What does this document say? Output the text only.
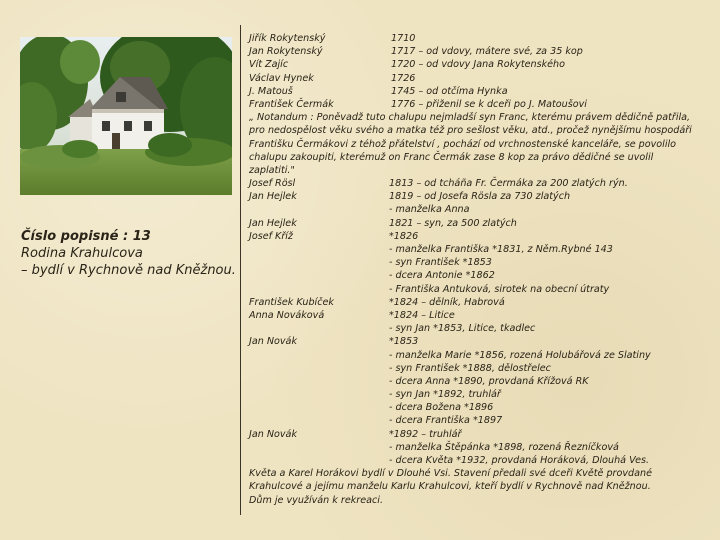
Číslo popisné : 13
Rodina Krahulcova
– bydlí v Rychnově nad Kněžnou.
Jiřík Rokytenský	1710
Jan Rokytenský	1717 – od vdovy, mátere své, za 35 kop
Vít Zajíc	1720 – od vdovy Jana Rokytenského
Václav Hynek	1726
J. Matouš	1745 – od otčíma Hynka
František Čermák	1776 – přiženil se k dceři po J. Matoušovi
„ Notandum : Poněvadž tuto chalupu nejmladší syn Franc, kterému právem dědičně patřila,
pro nedospělost věku svého a matka též pro sešlost věku, atd., pročež nynějšímu hospodáři
Františku Čermákovi z téhož přátelství , pochází od vrchnostenské kanceláře, se povolilo
chalupu zakoupiti, kterémuž on Franc Čermák zase 8 kop za právo dědičné se uvolil
zaplatiti."
Josef Rösl	1813 – od tcháña Fr. Čermáka za 200 zlatých rýn.
Jan Hejlek	1819 – od Josefa Rösla za 730 zlatých
- manželka Anna
Jan Hejlek	1821 – syn, za 500 zlatých
Josef Kříž	*1826
- manželka Františka *1831, z Něm.Rybné 143
- syn František *1853
- dcera Antonie *1862
- Františka Antuková, sirotek na obecní útraty
František Kubíček	*1824 – dělník, Habrová
Anna Nováková	*1824 – Litice
- syn Jan *1853, Litice, tkadlec
Jan Novák	*1853
- manželka Marie *1856, rozená Holubářová ze Slatiny
- syn František *1888, dělostřelec
- dcera Anna *1890, provdaná Křížová RK
- syn Jan *1892, truhlář
- dcera Božena *1896
- dcera Františka *1897
Jan Novák	*1892 – truhlář
- manželka Štěpánka *1898, rozená Řezníčková
- dcera Květa *1932, provdaná Horáková, Dlouhá Ves.
Květa a Karel Horákovi bydlí v Dlouhé Vsi. Stavení předali své dceři Květě provdané
Krahulcové a jejímu manželu Karlu Krahulcovi, kteří bydlí v Rychnově nad Kněžnou.
Dům je využíván k rekreaci.
